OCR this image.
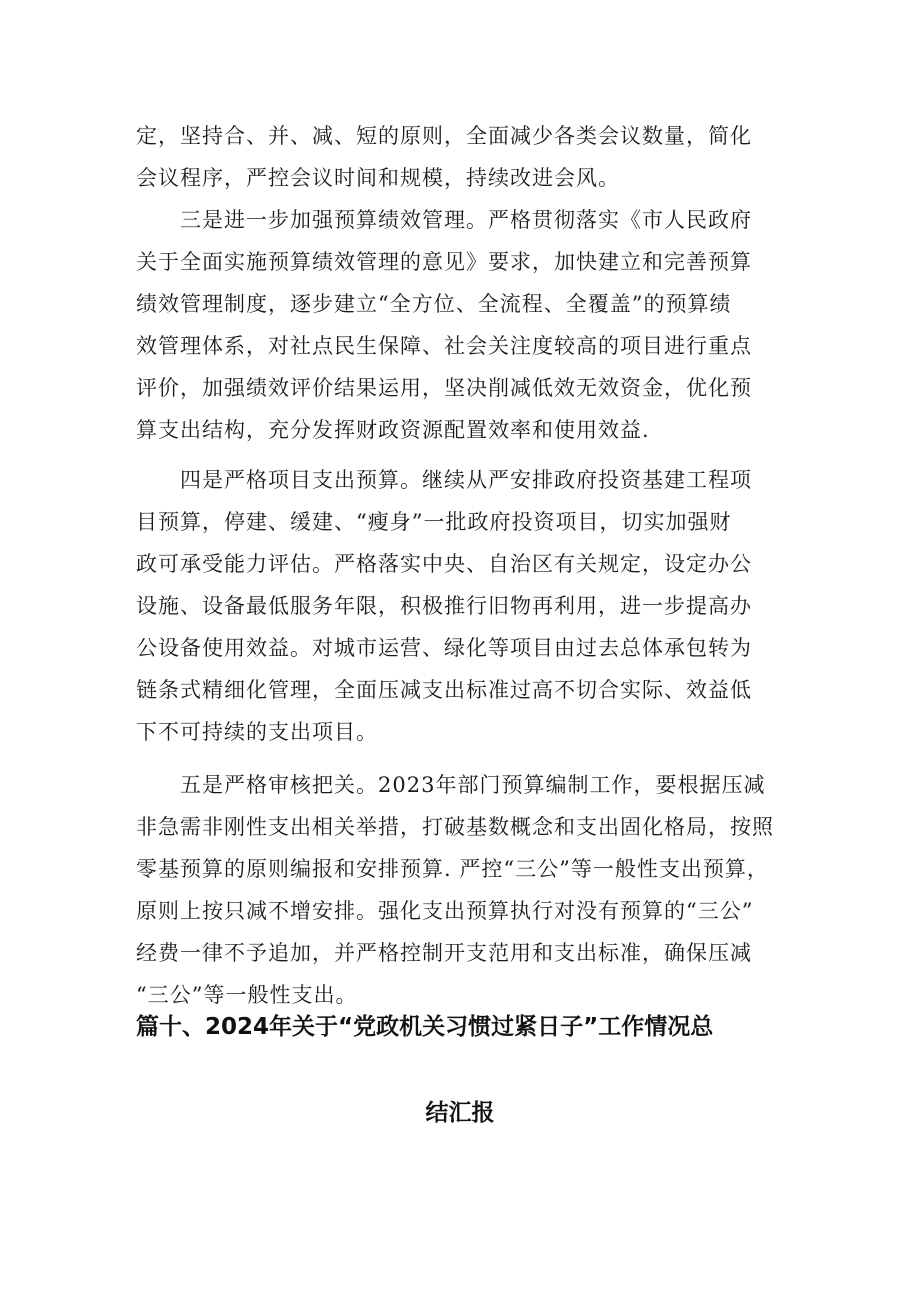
定，坚持合、并、减、短的原则，全面减少各类会议数量，简化
会议程序，严控会议时间和规模，持续改进会风。
三是进一步加强预算绩效管理。严格贯彻落实《市人民政府
关于全面实施预算绩效管理的意见》要求，加快建立和完善预算
绩效管理制度，逐步建立“全方位、全流程、全覆盖”的预算绩
效管理体系，对社点民生保障、社会关注度较高的项目进行重点
评价，加强绩效评价结果运用，坚决削减低效无效资金，优化预
算支出结构，充分发挥财政资源配置效率和使用效益.
四是严格项目支出预算。继续从严安排政府投资基建工程项
目预算，停建、缓建、“瘦身”一批政府投资项目，切实加强财
政可承受能力评估。严格落实中央、自治区有关规定，设定办公
设施、设备最低服务年限，积极推行旧物再利用，进一步提高办
公设备使用效益。对城市运营、绿化等项目由过去总体承包转为
链条式精细化管理，全面压减支出标准过高不切合实际、效益低
下不可持续的支出项目。
五是严格审核把关。2023年部门预算编制工作，要根据压减
非急需非刚性支出相关举措，打破基数概念和支出固化格局，按照
零基预算的原则编报和安排预算. 严控“三公”等一般性支出预算，
原则上按只减不增安排。强化支出预算执行对没有预算的“三公”
经费一律不予追加，并严格控制开支范用和支出标准，确保压减
“三公”等一般性支出。
篇十、2024年关于“党政机关习惯过紧日子”工作情况总
结汇报
